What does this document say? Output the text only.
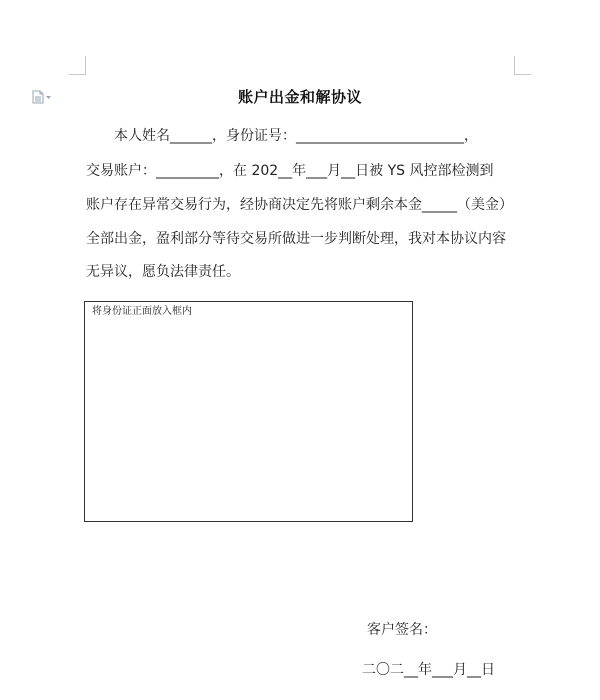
账户出金和解协议
本人姓名______，身份证号：________________________，
交易账户：_________，在 202__年___月__日被 YS 风控部检测到
账户存在异常交易行为，经协商决定先将账户剩余本金_____（美金）
全部出金，盈利部分等待交易所做进一步判断处理，我对本协议内容
无异议，愿负法律责任。
将身份证正面放入框内
客户签名：
二〇二__年___月__日
